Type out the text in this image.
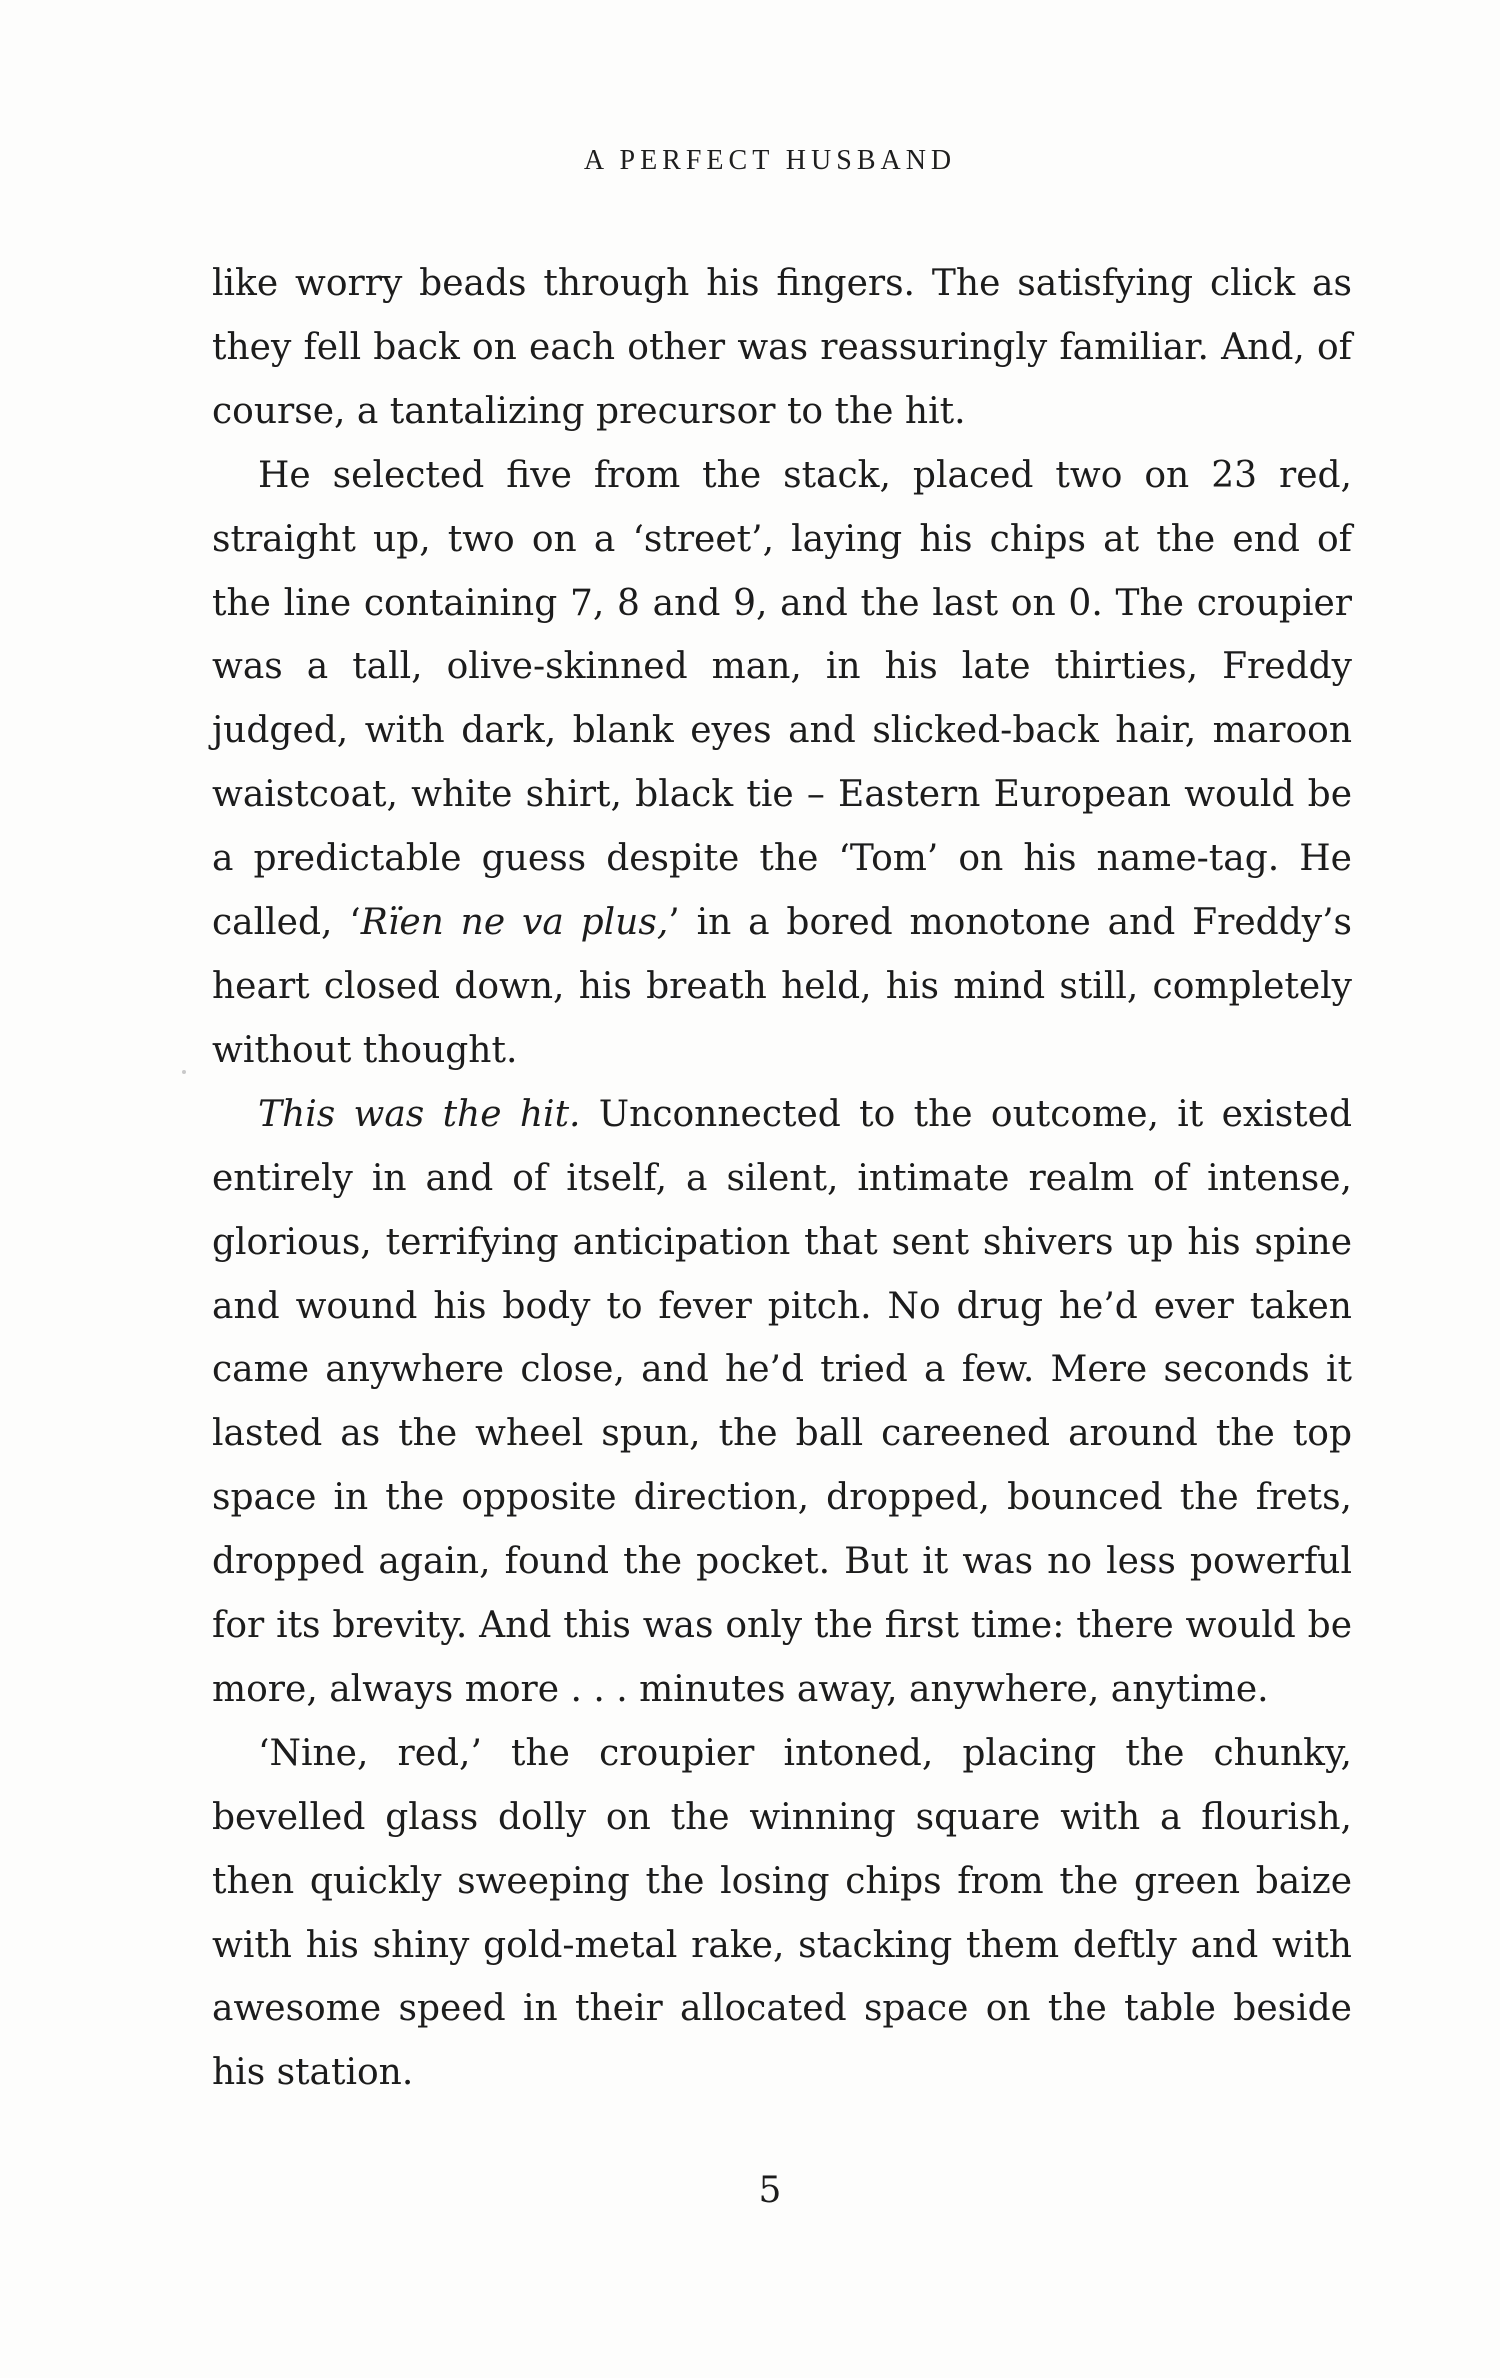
A PERFECT HUSBAND

like worry beads through his fingers. The satisfying click as they fell back on each other was reassuringly familiar. And, of course, a tantalizing precursor to the hit.

He selected five from the stack, placed two on 23 red, straight up, two on a ‘street’, laying his chips at the end of the line containing 7, 8 and 9, and the last on 0. The croupier was a tall, olive-skinned man, in his late thirties, Freddy judged, with dark, blank eyes and slicked-back hair, maroon waistcoat, white shirt, black tie – Eastern European would be a predictable guess despite the ‘Tom’ on his name-tag. He called, ‘Rïen ne va plus,’ in a bored monotone and Freddy’s heart closed down, his breath held, his mind still, completely without thought.

This was the hit. Unconnected to the outcome, it existed entirely in and of itself, a silent, intimate realm of intense, glorious, terrifying anticipation that sent shivers up his spine and wound his body to fever pitch. No drug he’d ever taken came anywhere close, and he’d tried a few. Mere seconds it lasted as the wheel spun, the ball careened around the top space in the opposite direction, dropped, bounced the frets, dropped again, found the pocket. But it was no less powerful for its brevity. And this was only the first time: there would be more, always more . . . minutes away, anywhere, anytime.

‘Nine, red,’ the croupier intoned, placing the chunky, bevelled glass dolly on the winning square with a flourish, then quickly sweeping the losing chips from the green baize with his shiny gold-metal rake, stacking them deftly and with awesome speed in their allocated space on the table beside his station.

5
